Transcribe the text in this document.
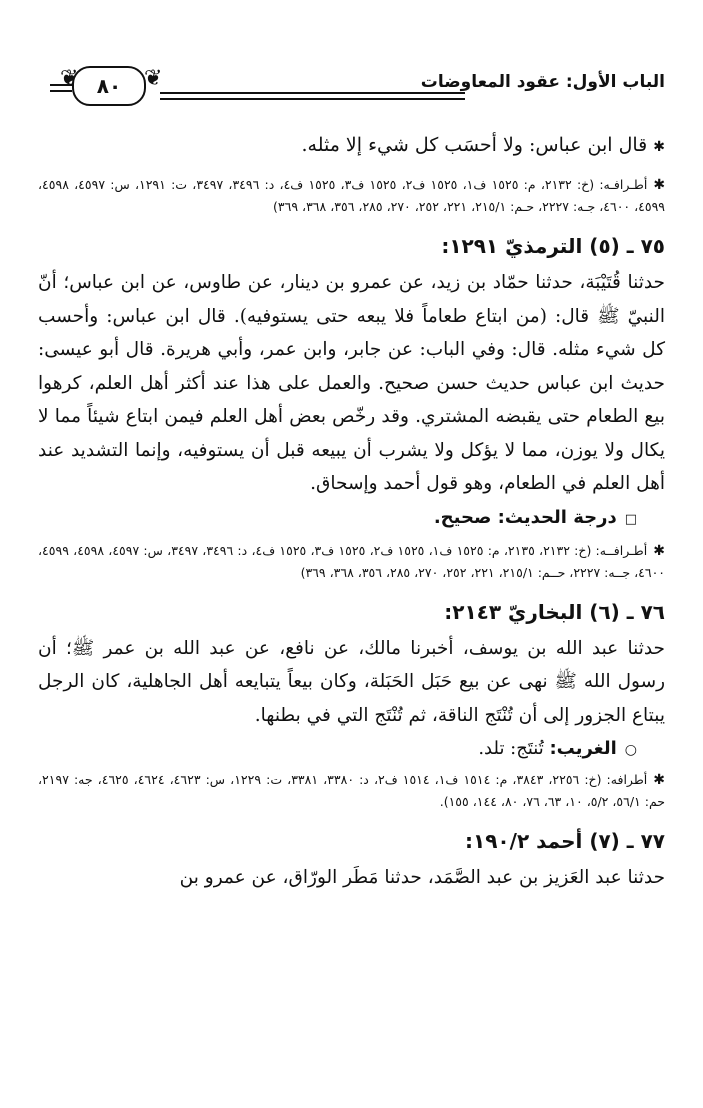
❦ ٨٠ ❦	الباب الأول: عقود المعاوضات

✱قال ابن عباس: ولا أحسَب كل شيء إلا مثله.

✱أطـرافـه: (خ: ٢١٣٢، م: ١٥٢٥ ف١، ١٥٢٥ ف٢، ١٥٢٥ ف٣، ١٥٢٥ ف٤، د: ٣٤٩٦، ٣٤٩٧، ت: ١٢٩١، س: ٤٥٩٧، ٤٥٩٨، ٤٥٩٩، ٤٦٠٠، جـه: ٢٢٢٧، حـم: ٢١٥/١، ٢٢١، ٢٥٢، ٢٧٠، ٢٨٥، ٣٥٦، ٣٦٨، ٣٦٩)

٧٥ ـ (٥) الترمذيّ ١٢٩١:

حدثنا قُتَيْبَة، حدثنا حمّاد بن زيد، عن عمرو بن دينار، عن طاوس، عن ابن عباس؛ أنّ النبيّ ﷺ قال: (من ابتاع طعاماً فلا يبعه حتى يستوفيه). قال ابن عباس: وأحسب كل شيء مثله. قال: وفي الباب: عن جابر، وابن عمر، وأبي هريرة. قال أبو عيسى: حديث ابن عباس حديث حسن صحيح. والعمل على هذا عند أكثر أهل العلم، كرهوا بيع الطعام حتى يقبضه المشتري. وقد رخّص بعض أهل العلم فيمن ابتاع شيئاً مما لا يكال ولا يوزن، مما لا يؤكل ولا يشرب أن يبيعه قبل أن يستوفيه، وإنما التشديد عند أهل العلم في الطعام، وهو قول أحمد وإسحاق.

□درجة الحديث: صحيح.

✱أطـرافــه: (خ: ٢١٣٢، ٢١٣٥، م: ١٥٢٥ ف١، ١٥٢٥ ف٢، ١٥٢٥ ف٣، ١٥٢٥ ف٤، د: ٣٤٩٦، ٣٤٩٧، س: ٤٥٩٧، ٤٥٩٨، ٤٥٩٩، ٤٦٠٠، جــه: ٢٢٢٧، حــم: ٢١٥/١، ٢٢١، ٢٥٢، ٢٧٠، ٢٨٥، ٣٥٦، ٣٦٨، ٣٦٩)

٧٦ ـ (٦) البخاريّ ٢١٤٣:

حدثنا عبد الله بن يوسف، أخبرنا مالك، عن نافع، عن عبد الله بن عمر ﷺ؛ أن رسول الله ﷺ نهى عن بيع حَبَل الحَبَلة، وكان بيعاً يتبايعه أهل الجاهلية، كان الرجل يبتاع الجزور إلى أن تُنْتَج الناقة، ثم تُنْتَج التي في بطنها.

○الغريب: تُنتَج: تلد.

✱أطرافه: (خ: ٢٢٥٦، ٣٨٤٣، م: ١٥١٤ ف١، ١٥١٤ ف٢، د: ٣٣٨٠، ٣٣٨١، ت: ١٢٢٩، س: ٤٦٢٣، ٤٦٢٤، ٤٦٢٥، جه: ٢١٩٧، حم: ٥٦/١، ٥/٢، ١٠، ٦٣، ٧٦، ٨٠، ١٤٤، ١٥٥).

٧٧ ـ (٧) أحمد ١٩٠/٢:

حدثنا عبد العَزيز بن عبد الصَّمَد، حدثنا مَطَر الورّاق، عن عمرو بن
